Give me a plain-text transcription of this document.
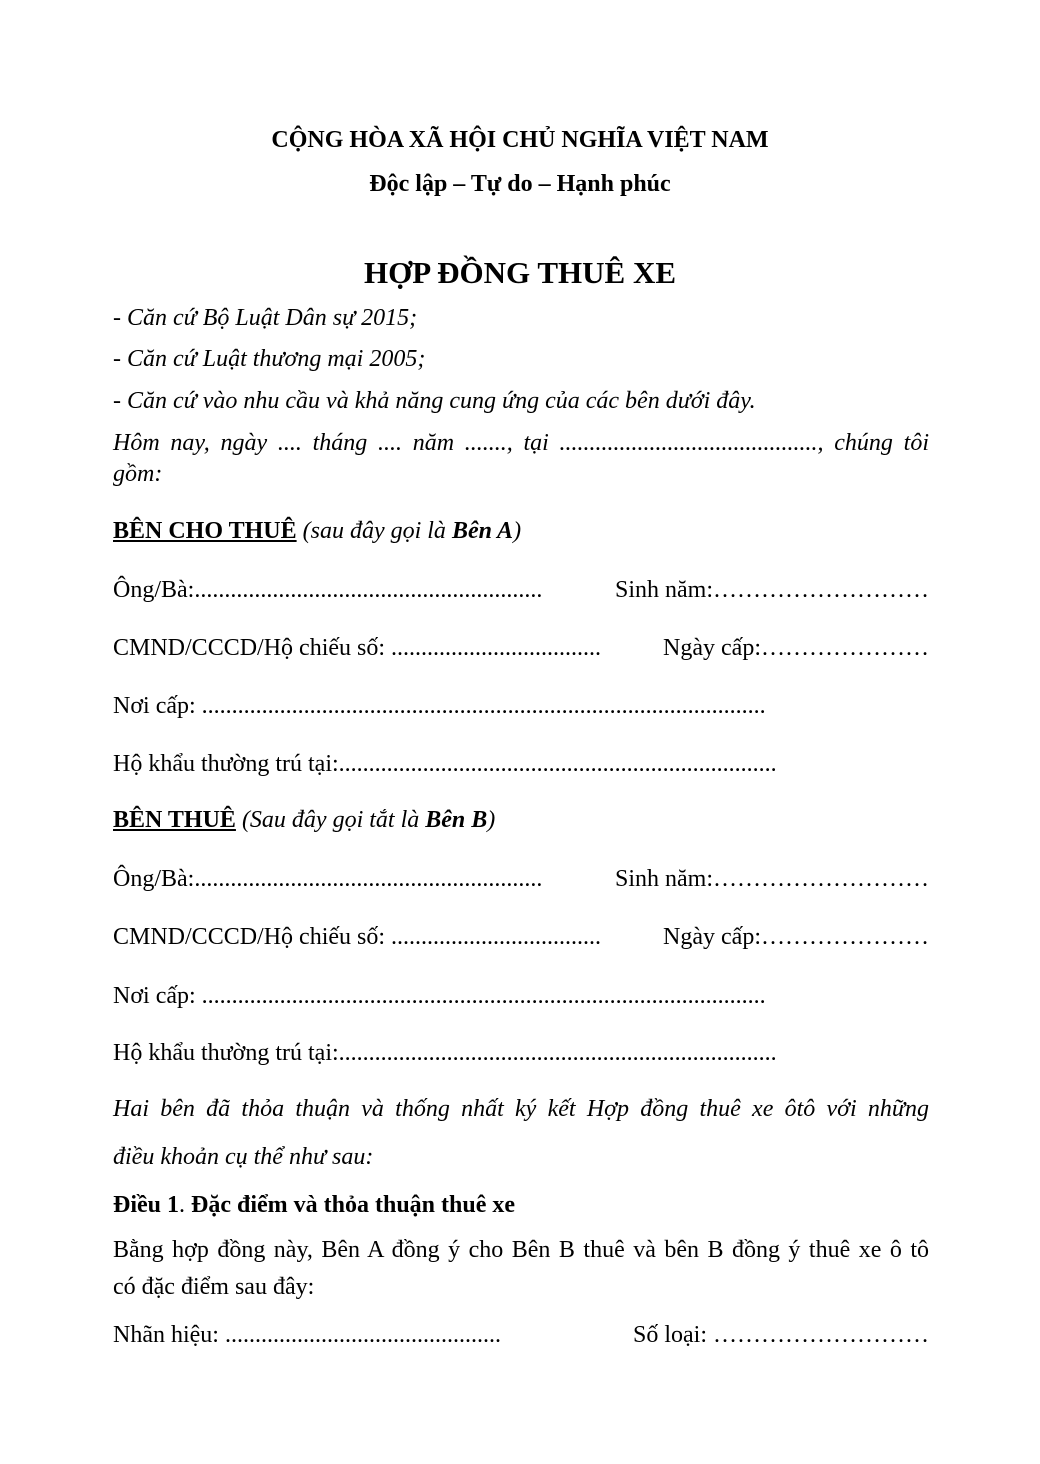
CỘNG HÒA XÃ HỘI CHỦ NGHĨA VIỆT NAM
Độc lập – Tự do – Hạnh phúc
HỢP ĐỒNG THUÊ XE
- Căn cứ Bộ Luật Dân sự 2015;
- Căn cứ Luật thương mại 2005;
- Căn cứ vào nhu cầu và khả năng cung ứng của các bên dưới đây.
Hôm nay, ngày .... tháng .... năm ......., tại ..........................................., chúng tôi
gồm:
BÊN CHO THUÊ (sau đây gọi là Bên A)
Ông/Bà:..........................................................	Sinh năm:………………………
CMND/CCCD/Hộ chiếu số: ...................................	Ngày cấp:…………………
Nơi cấp: ..............................................................................................
Hộ khẩu thường trú tại:.........................................................................
BÊN THUÊ (Sau đây gọi tắt là Bên B)
Ông/Bà:..........................................................	Sinh năm:………………………
CMND/CCCD/Hộ chiếu số: ...................................	Ngày cấp:…………………
Nơi cấp: ..............................................................................................
Hộ khẩu thường trú tại:.........................................................................
Hai bên đã thỏa thuận và thống nhất ký kết Hợp đồng thuê xe ôtô với những
điều khoản cụ thể như sau:
Điều 1. Đặc điểm và thỏa thuận thuê xe
Bằng hợp đồng này, Bên A đồng ý cho Bên B thuê và bên B đồng ý thuê xe ô tô
có đặc điểm sau đây:
Nhãn hiệu: ..............................................	Số loại: ………………………
